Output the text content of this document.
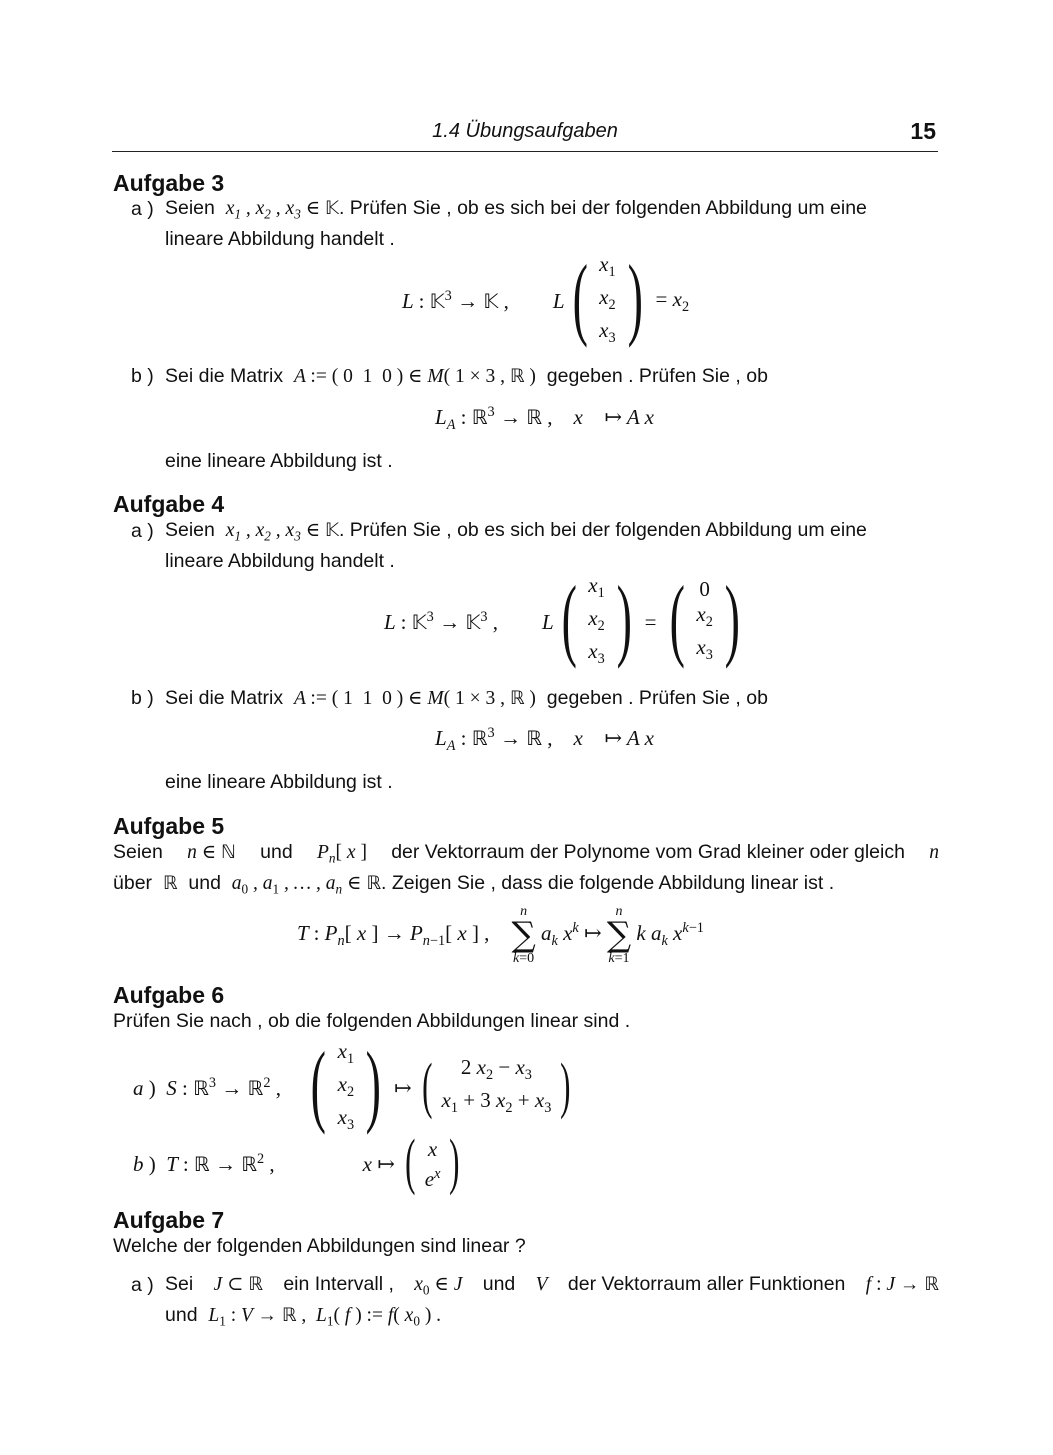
1.4 Übungsaufgaben	15
Aufgabe 3
a ) Seien $x_1$ , $x_2$ , $x_3$ ∈ 𝕂. Prüfen Sie , ob es sich bei der folgenden Abbildung um eine
lineare Abbildung handelt .
L : 𝕂$^3$ → 𝕂 , L ( $x_1$
$x_2$
$x_3$ ) = $x_2$
b ) Sei die Matrix A := ( 0  1  0 ) ∈ M( 1 × 3 , ℝ ) gegeben . Prüfen Sie , ob
$L_A$ : ℝ$^3$ → ℝ ,    x⃗ ↦ A x⃗
eine lineare Abbildung ist .
Aufgabe 4
a ) Seien $x_1$ , $x_2$ , $x_3$ ∈ 𝕂. Prüfen Sie , ob es sich bei der folgenden Abbildung um eine
lineare Abbildung handelt .
L : 𝕂$^3$ → 𝕂$^3$ , L ( $x_1$
$x_2$
$x_3$ ) = ( 0
$x_2$
$x_3$ )
b ) Sei die Matrix A := ( 1  1  0 ) ∈ M( 1 × 3 , ℝ ) gegeben . Prüfen Sie , ob
$L_A$ : ℝ$^3$ → ℝ ,    x⃗ ↦ A x⃗
eine lineare Abbildung ist .
Aufgabe 5
Seien n ∈ ℕ und $P_n$[ x ] der Vektorraum der Polynome vom Grad kleiner oder gleich n
über ℝ und $a_0$ , $a_1$ , … , $a_n$ ∈ ℝ. Zeigen Sie , dass die folgende Abbildung linear ist .
T : $P_n$[ x ] → $P_{n-1}$[ x ] ,
n
∑
k=0
$a_k$ $x^k$ ↦
n
∑
k=1
k $a_k$ $x^{k-1}$
Aufgabe 6
Prüfen Sie nach , ob die folgenden Abbildungen linear sind .
a )  S : ℝ$^3$ → ℝ$^2$ , ( $x_1$
$x_2$
$x_3$ ) ↦ ( 2 $x_2 - x_3$
$x_1 + 3$ $x_2 + x_3$ )
b )  T : ℝ → ℝ$^2$ ,	x ↦ ( x
$e^x$ )
Aufgabe 7
Welche der folgenden Abbildungen sind linear ?
a ) Sei J ⊂ ℝ ein Intervall , $x_0$ ∈ J und V der Vektorraum aller Funktionen f : J → ℝ
und $L_1$ : V → ℝ ,  $L_1$( f ) := f( $x_0$ ) .
